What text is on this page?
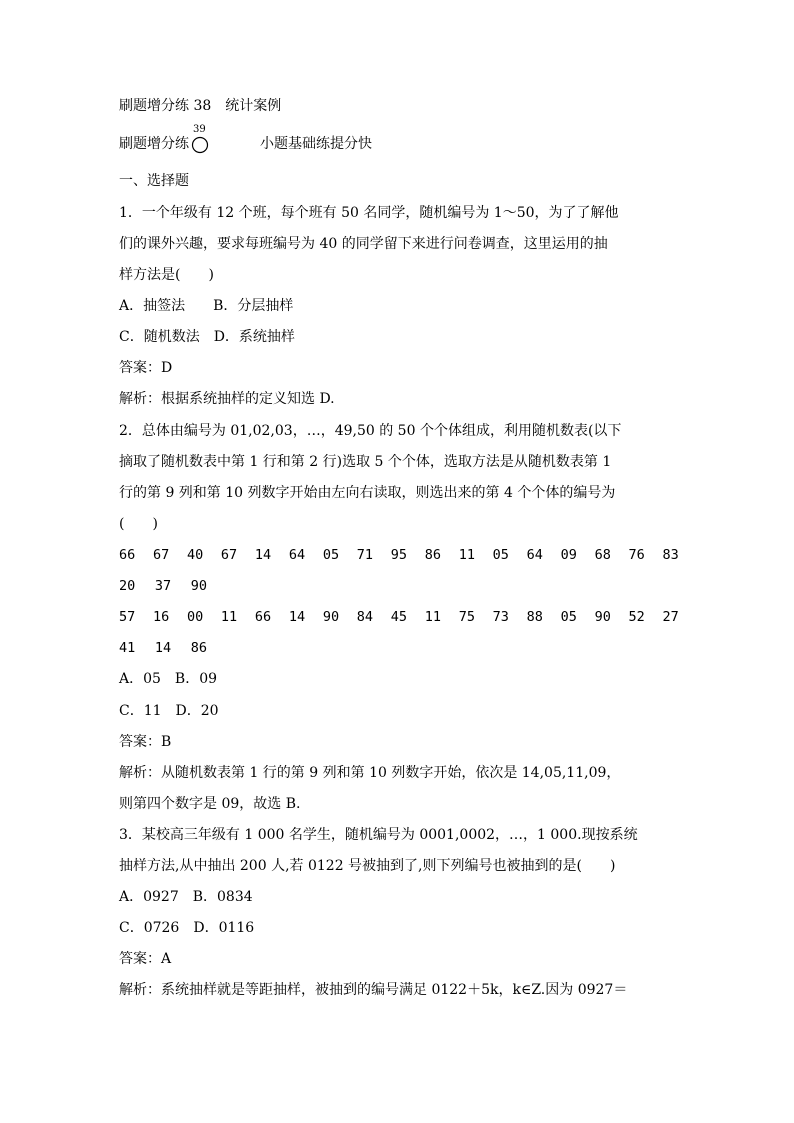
刷题增分练 38　统计案例
刷题增分练
39
小题基础练提分快
一、选择题
1．一个年级有 12 个班，每个班有 50 名同学，随机编号为 1～50，为了了解他
们的课外兴趣，要求每班编号为 40 的同学留下来进行问卷调查，这里运用的抽
样方法是(　　)
A．抽签法　　B．分层抽样
C．随机数法　D．系统抽样
答案：D
解析：根据系统抽样的定义知选 D.
2．总体由编号为 01,02,03，…，49,50 的 50 个个体组成，利用随机数表(以下
摘取了随机数表中第 1 行和第 2 行)选取 5 个个体，选取方法是从随机数表第 1
行的第 9 列和第 10 列数字开始由左向右读取，则选出来的第 4 个个体的编号为
(　　)
66 67 40 67 14 64 05 71 95 86 11 05 64 09 68 76 83
20 37 90
57 16 00 11 66 14 90 84 45 11 75 73 88 05 90 52 27
41 14 86
A．05　B．09
C．11　D．20
答案：B
解析：从随机数表第 1 行的第 9 列和第 10 列数字开始，依次是 14,05,11,09，
则第四个数字是 09，故选 B.
3．某校高三年级有 1 000 名学生，随机编号为 0001,0002，…，1 000.现按系统
抽样方法,从中抽出 200 人,若 0122 号被抽到了,则下列编号也被抽到的是(　　)
A．0927　B．0834
C．0726　D．0116
答案：A
解析：系统抽样就是等距抽样，被抽到的编号满足 0122＋5k，k∈Z.因为 0927＝
